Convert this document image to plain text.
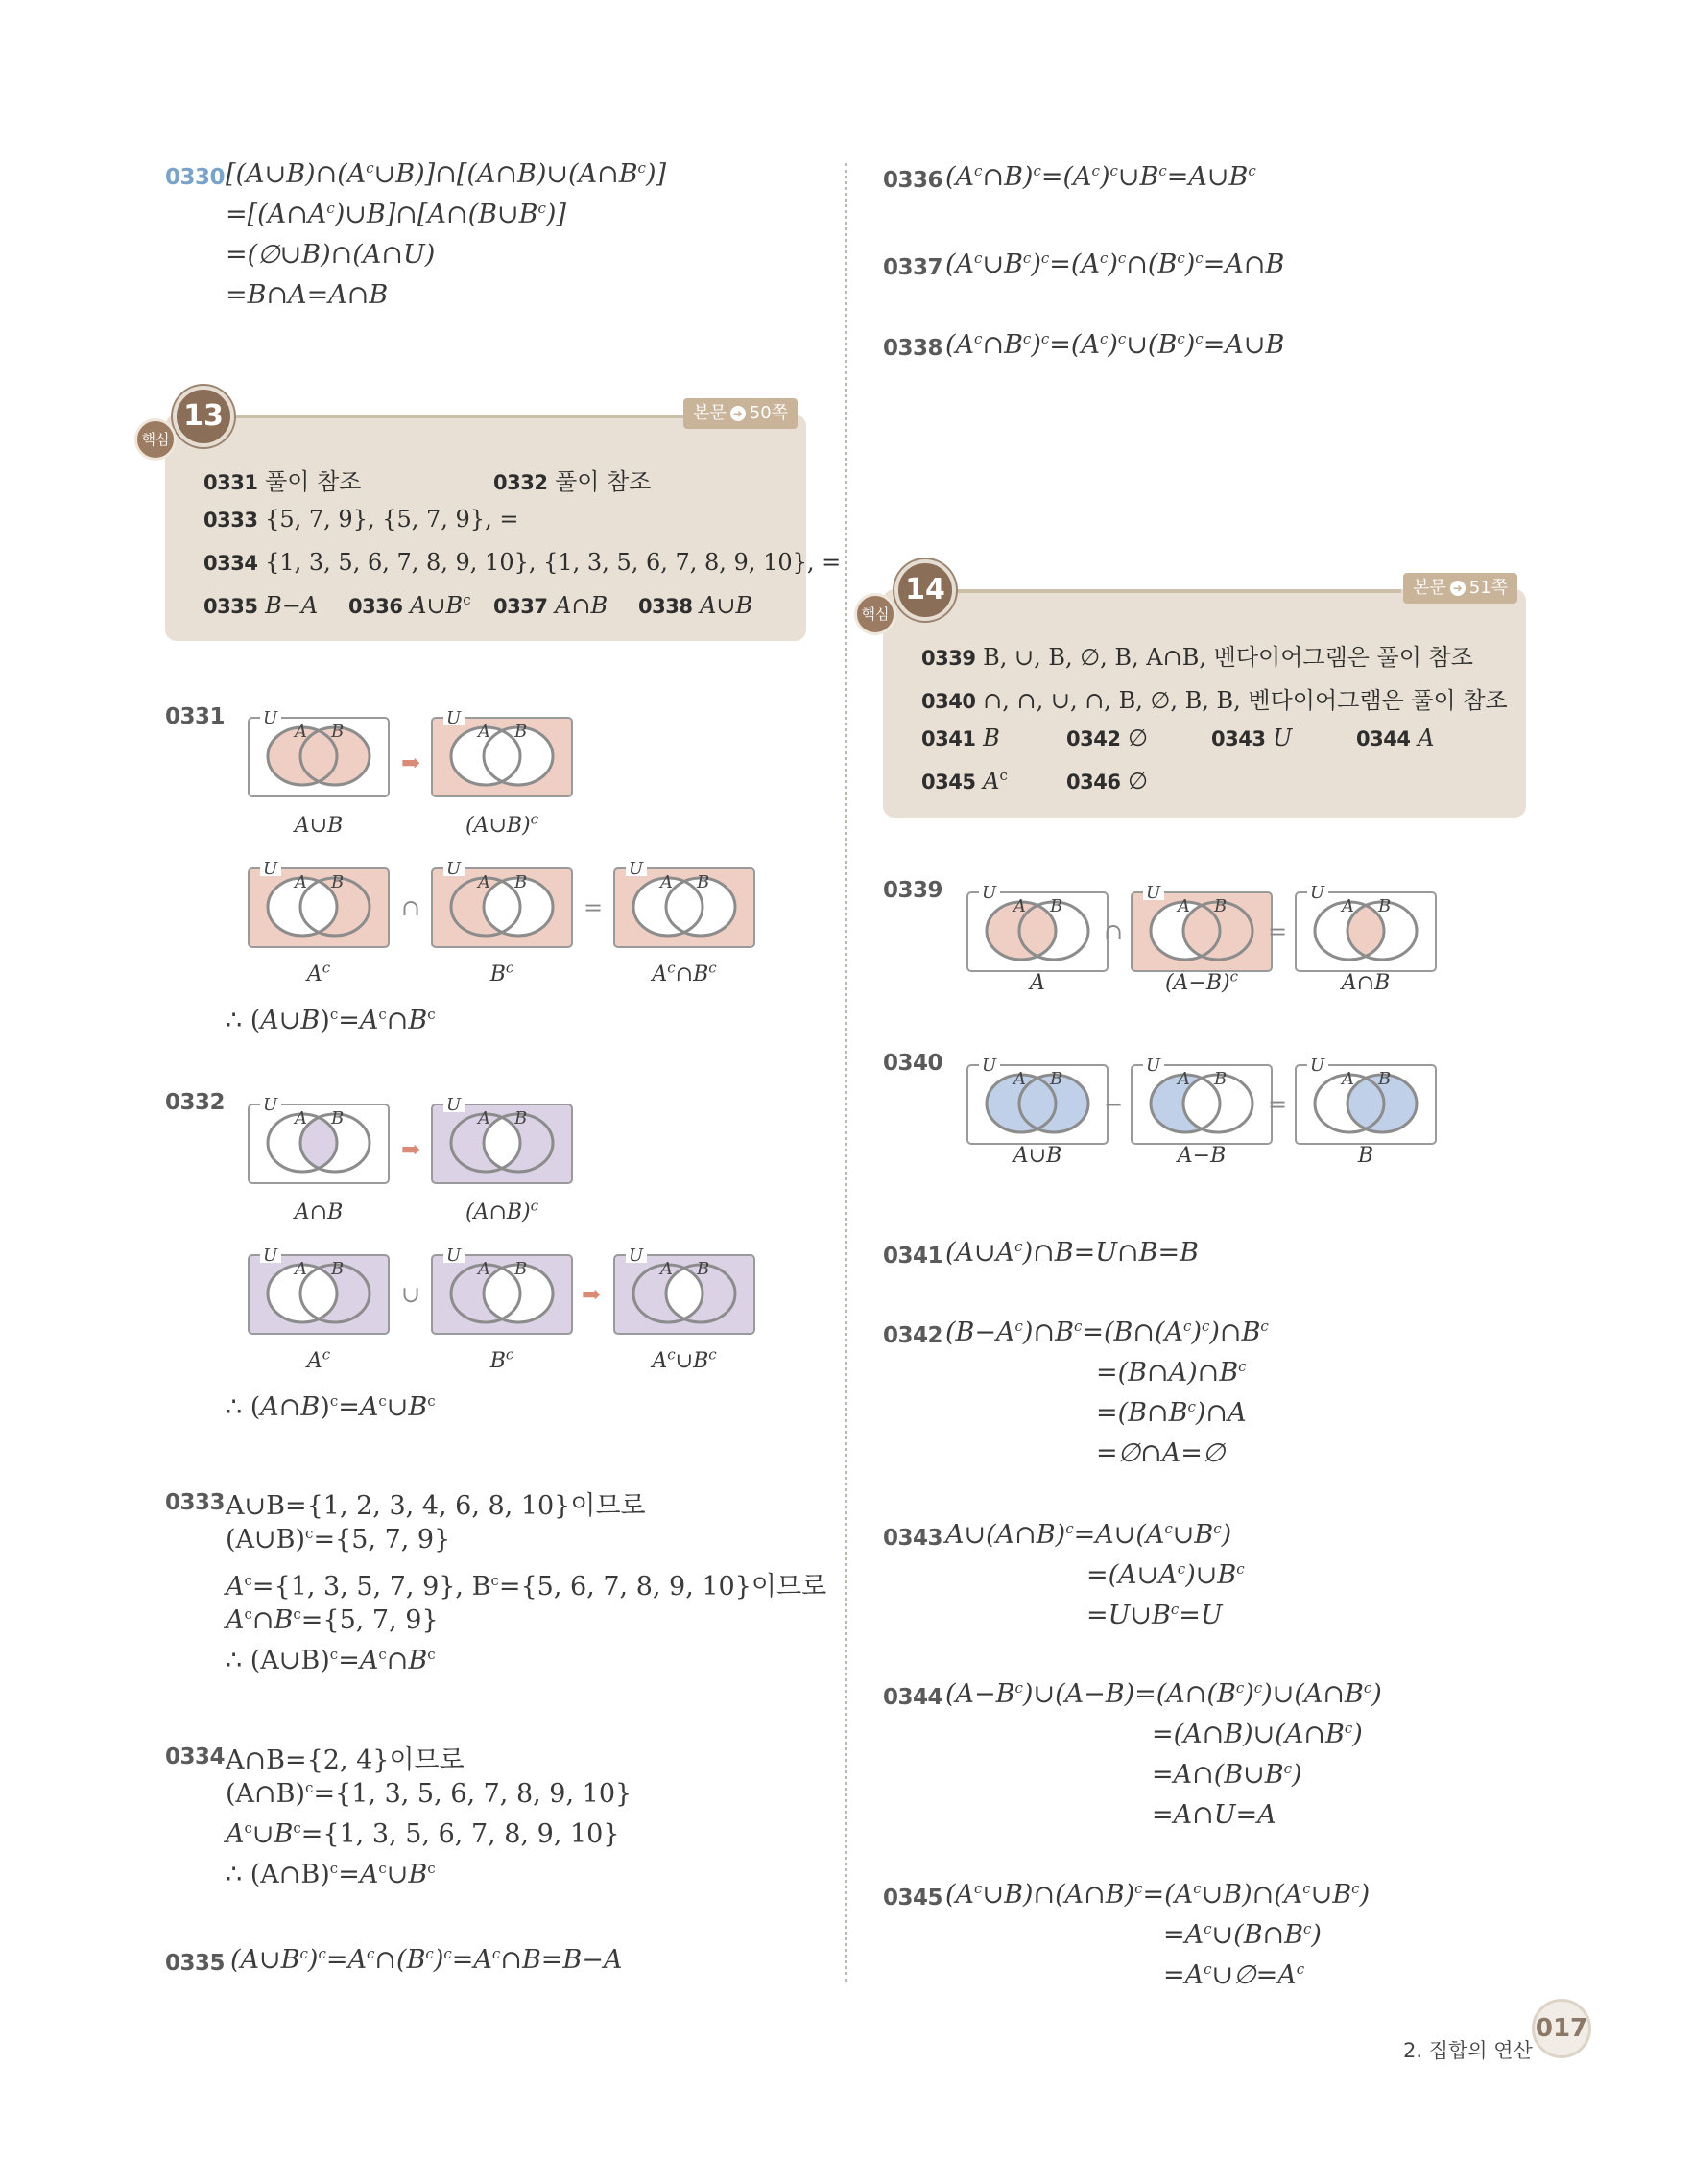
0330 $[(A\cup B)\cap(A^c\cup B)]\cap[(A\cap B)\cup(A\cap B^c)]$
$=[(A\cap A^c)\cup B]\cap[A\cap(B\cup B^c)]$
=(∅∪B)∩(A∩U)
=B∩A=A∩B
13
핵심
본문 ➜ 50쪽
0331 풀이 참조	0332 풀이 참조
0333 {5, 7, 9}, {5, 7, 9}, =
0334 {1, 3, 5, 6, 7, 8, 9, 10}, {1, 3, 5, 6, 7, 8, 9, 10}, =
0335 B−A 0336 $A\cup B^c$ 0337 A∩B 0338 A∪B
0331 U
A B
➡
U
A B
A∪B	(A∪B)$^c$
U
A B
∩
U
A B
=
U
A B
$A^c$	$B^c$	$A^c\cap B^c$
∴ $(A\cup B)^c=A^c\cap B^c$
0332 U
A B
➡
U
A B
A∩B	(A∩B)$^c$
U
A B
∪
U
A B
➡
U
A B
$A^c$	$B^c$	$A^c\cup B^c$
∴ $(A\cap B)^c=A^c\cup B^c$
0333 A∪B={1, 2, 3, 4, 6, 8, 10}이므로
(A∪B)$^c$={5, 7, 9}
$A^c=\{1$, 3, 5, 7, 9}, $B^c=\{5$, 6, 7, 8, 9, 10}이므로
$A^c\cap B^c=\{5$, 7, 9}
∴ $(A\cup B)^c=A^c\cap B^c$
0334 A∩B={2, 4}이므로
(A∩B)$^c$={1, 3, 5, 6, 7, 8, 9, 10}
$A^c\cup B^c=\{1$, 3, 5, 6, 7, 8, 9, 10}
∴ $(A\cap B)^c=A^c\cup B^c$
0335 $(A\cup B^c)^c=A^c\cap(B^c)^c=A^c\cap B=B-A$
0336 $(A^c\cap B)^c=(A^c)^c\cup B^c=A\cup B^c$
0337 $(A^c\cup B^c)^c=(A^c)^c\cap(B^c)^c=A\cap B$
0338 $(A^c\cap B^c)^c=(A^c)^c\cup(B^c)^c=A\cup B$
14
핵심
본문 ➜ 51쪽
0339 B, ∪, B, ∅, B, A∩B, 벤다이어그램은 풀이 참조
0340 ∩, ∩, ∪, ∩, B, ∅, B, B, 벤다이어그램은 풀이 참조
0341 B	0342 ∅	0343 U	0344 A
0345 $A^c$	0346 ∅
0339 U
A B
∩
U
A B
=
U
A B
A	$(A-B)^c$	A∩B
0340 U
A B
−
U
A B
=
U
A B
A∪B	A−B	B
0341 $(A\cup A^c)\cap B=U\cap B=B$
0342 $(B-A^c)\cap B^c=(B\cap(A^c)^c)\cap B^c$
$=(B\cap A)\cap B^c$
$=(B\cap B^c)\cap A$
=∅∩A=∅
0343 $A\cup(A\cap B)^c=A\cup(A^c\cup B^c)$
$=(A\cup A^c)\cup B^c$
$=U\cup B^c=U$
0344 $(A-B^c)\cup(A-B)=(A\cap(B^c)^c)\cup(A\cap B^c)$
$=(A\cap B)\cup(A\cap B^c)$
$=A\cap(B\cup B^c)$
=A∩U=A
0345 $(A^c\cup B)\cap(A\cap B)^c=(A^c\cup B)\cap(A^c\cup B^c)$
$=A^c\cup(B\cap B^c)$
$=A^c\cup\emptyset=A^c$
2. 집합의 연산
017
